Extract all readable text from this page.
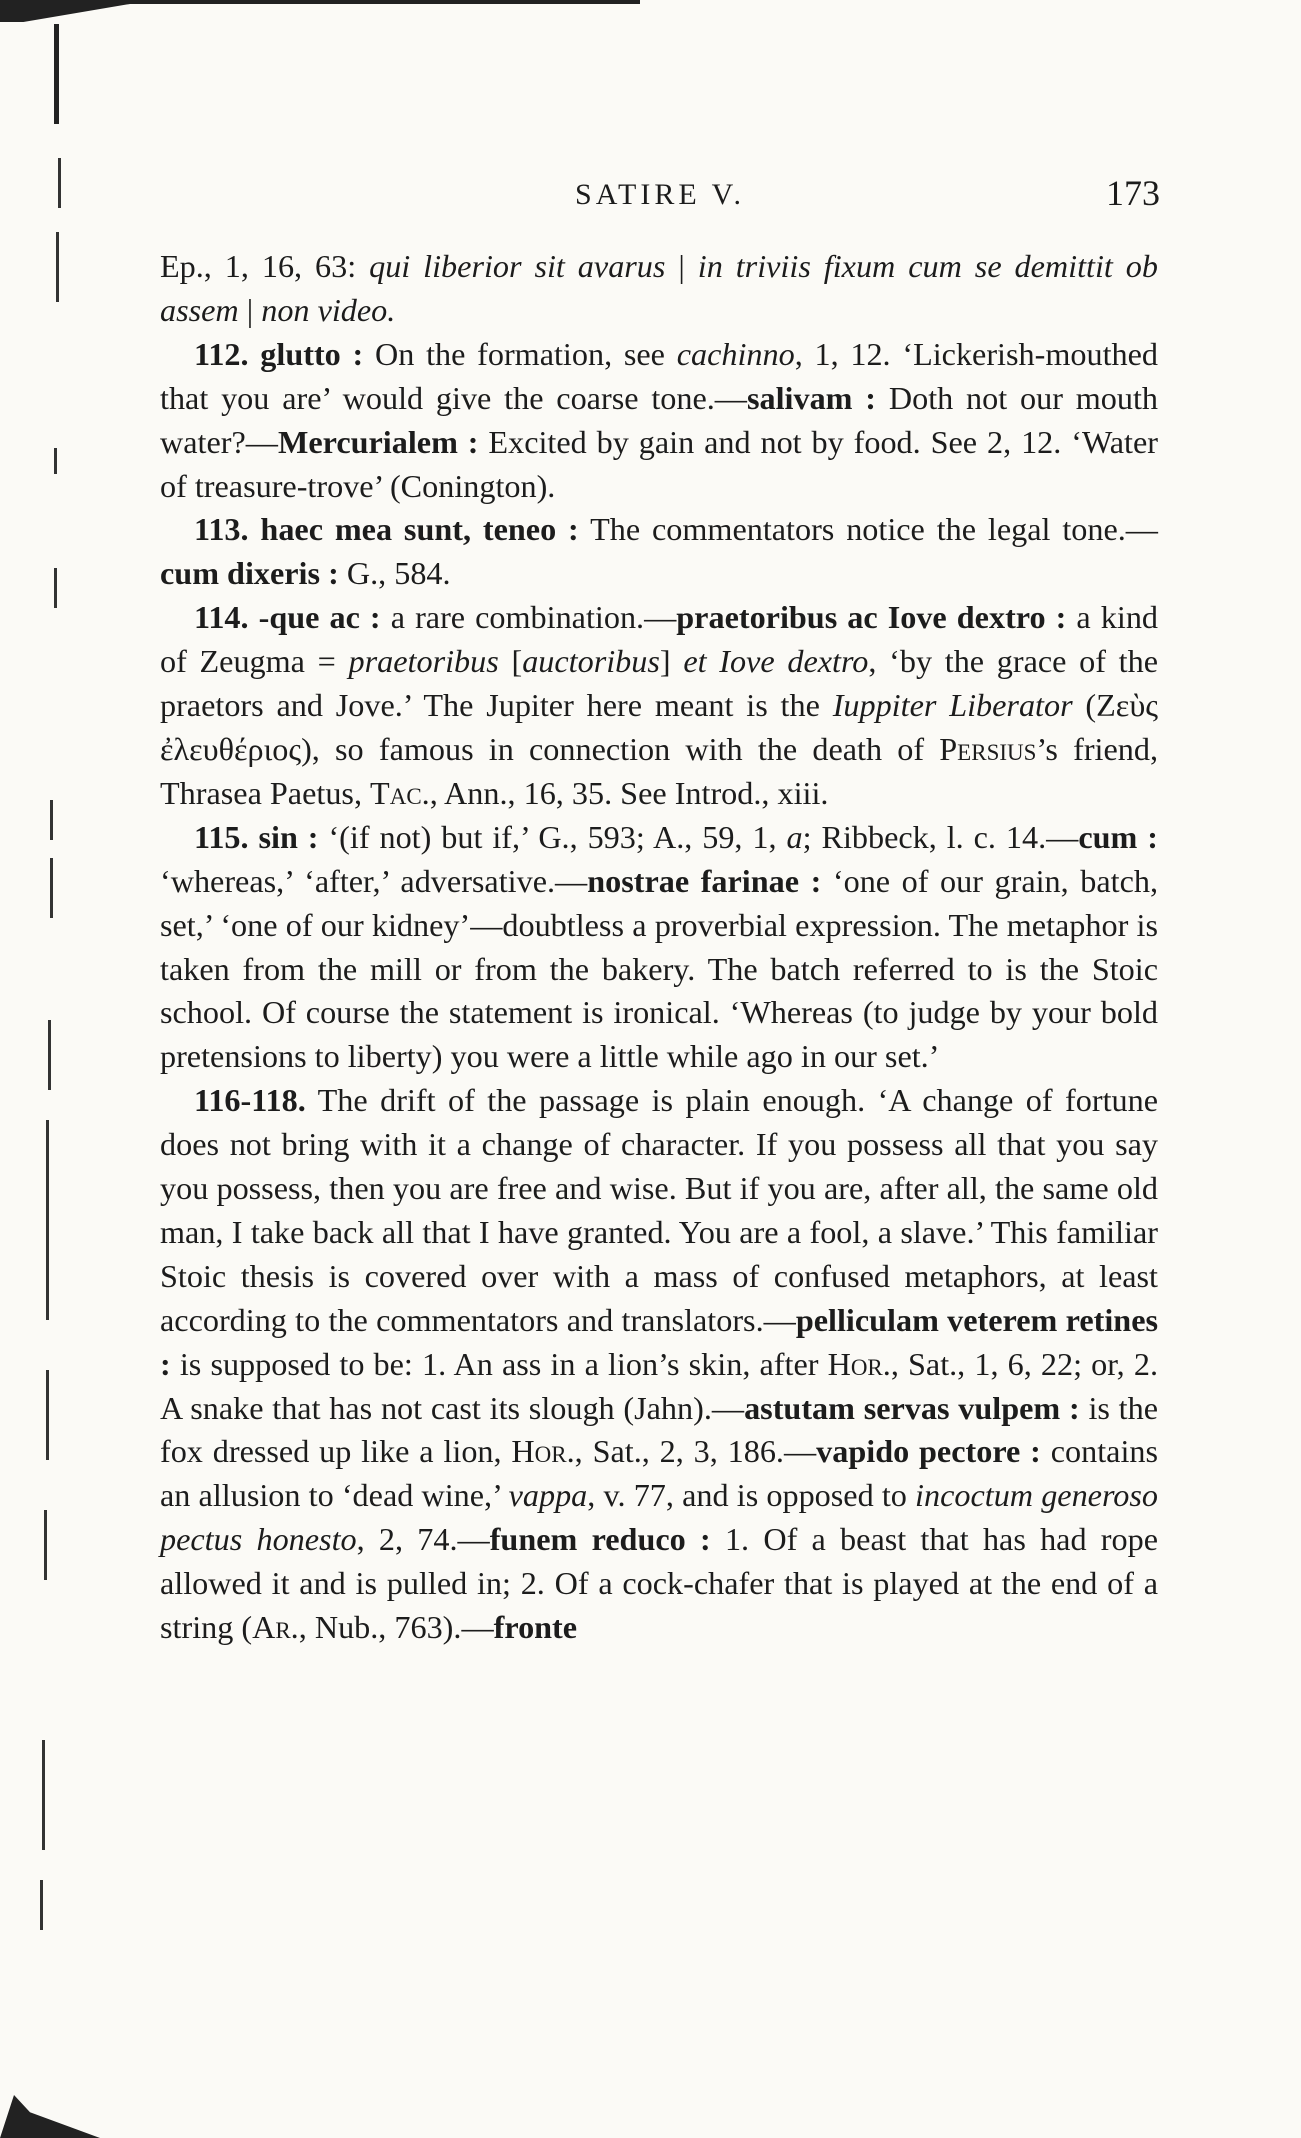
SATIRE V.	173

Ep., 1, 16, 63: qui liberior sit avarus | in triviis fixum cum se demittit ob assem | non video.

112. glutto : On the formation, see cachinno, 1, 12. ‘Lickerish-mouthed that you are’ would give the coarse tone.—salivam : Doth not our mouth water?—Mercurialem : Excited by gain and not by food. See 2, 12. ‘Water of treasure-trove’ (Conington).

113. haec mea sunt, teneo : The commentators notice the legal tone.—cum dixeris : G., 584.

114. -que ac : a rare combination.—praetoribus ac Iove dextro : a kind of Zeugma = praetoribus [auctoribus] et Iove dextro, ‘by the grace of the praetors and Jove.’ The Jupiter here meant is the Iuppiter Liberator (Ζεὺς ἐλευθέριος), so famous in connection with the death of Persius’s friend, Thrasea Paetus, Tac., Ann., 16, 35. See Introd., xiii.

115. sin : ‘(if not) but if,’ G., 593; A., 59, 1, a; Ribbeck, l. c. 14.—cum : ‘whereas,’ ‘after,’ adversative.—nostrae farinae : ‘one of our grain, batch, set,’ ‘one of our kidney’—doubtless a proverbial expression. The metaphor is taken from the mill or from the bakery. The batch referred to is the Stoic school. Of course the statement is ironical. ‘Whereas (to judge by your bold pretensions to liberty) you were a little while ago in our set.’

116-118. The drift of the passage is plain enough. ‘A change of fortune does not bring with it a change of character. If you possess all that you say you possess, then you are free and wise. But if you are, after all, the same old man, I take back all that I have granted. You are a fool, a slave.’ This familiar Stoic thesis is covered over with a mass of confused metaphors, at least according to the commentators and translators.—pelliculam veterem retines : is supposed to be: 1. An ass in a lion’s skin, after Hor., Sat., 1, 6, 22; or, 2. A snake that has not cast its slough (Jahn).—astutam servas vulpem : is the fox dressed up like a lion, Hor., Sat., 2, 3, 186.—vapido pectore : contains an allusion to ‘dead wine,’ vappa, v. 77, and is opposed to incoctum generoso pectus honesto, 2, 74.—funem reduco : 1. Of a beast that has had rope allowed it and is pulled in; 2. Of a cock-chafer that is played at the end of a string (Ar., Nub., 763).—fronte
